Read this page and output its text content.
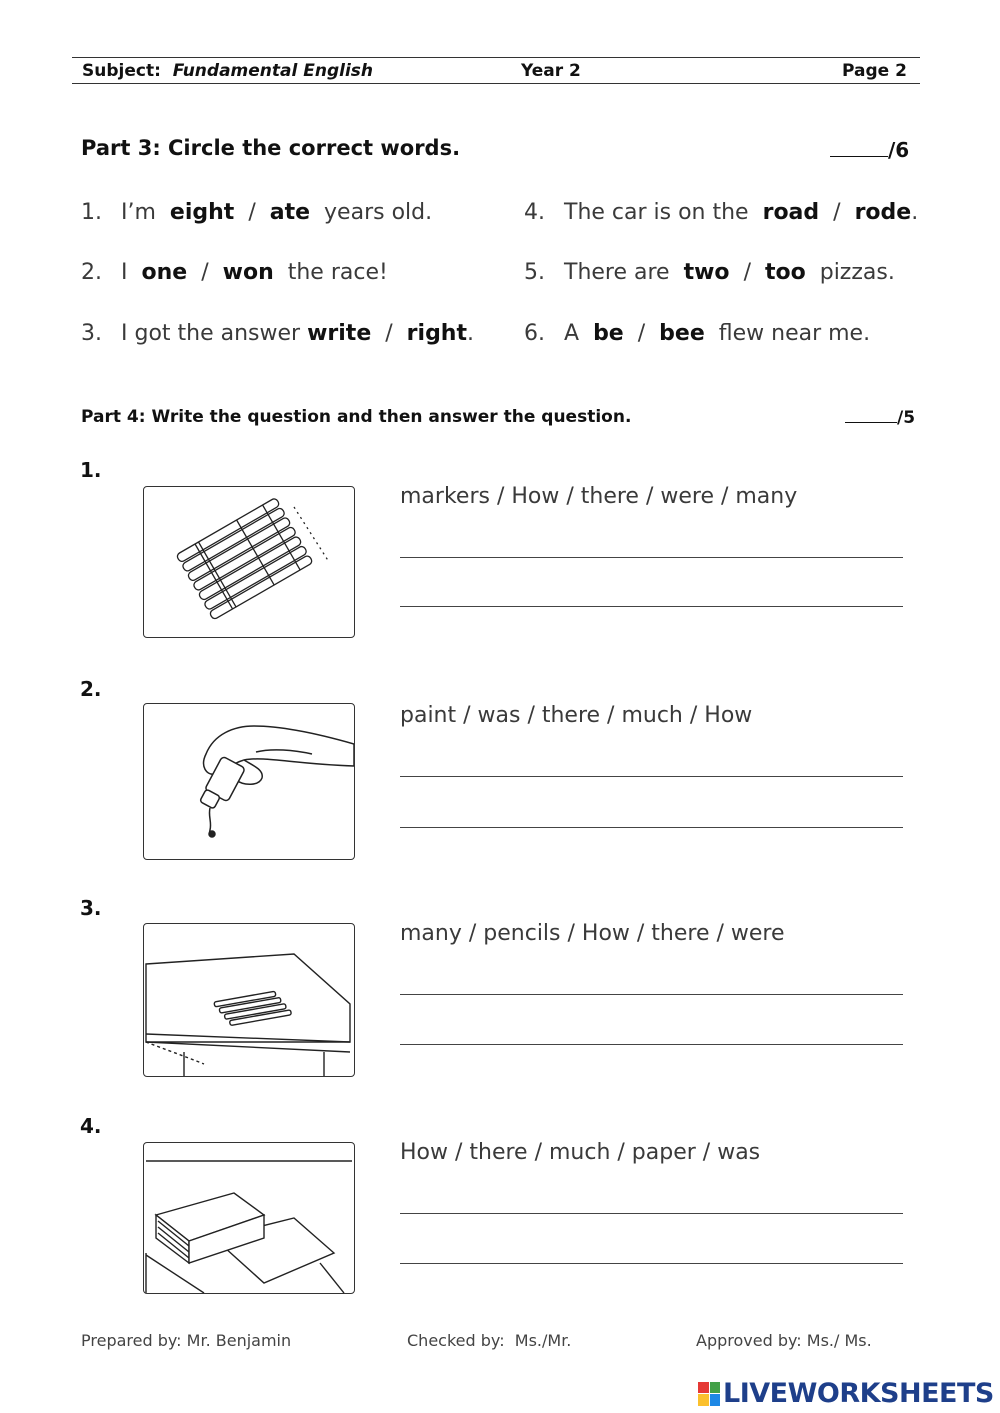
Subject: Fundamental English	Year 2	Page 2
Part 3: Circle the correct words.	/6
1. I’m eight / ate years old.
2. I one / won the race!
3. I got the answer write / right.
4. The car is on the road / rode.
5. There are two / too pizzas.
6. A be / bee flew near me.
Part 4: Write the question and then answer the question.	/5
1.
markers / How / there / were / many
2.
paint / was / there / much / How
3.
many / pencils / How / there / were
4.
How / there / much / paper / was
Prepared by: Mr. Benjamin	Checked by: Ms./Mr.	Approved by: Ms./ Ms.
LIVEWORKSHEETS
